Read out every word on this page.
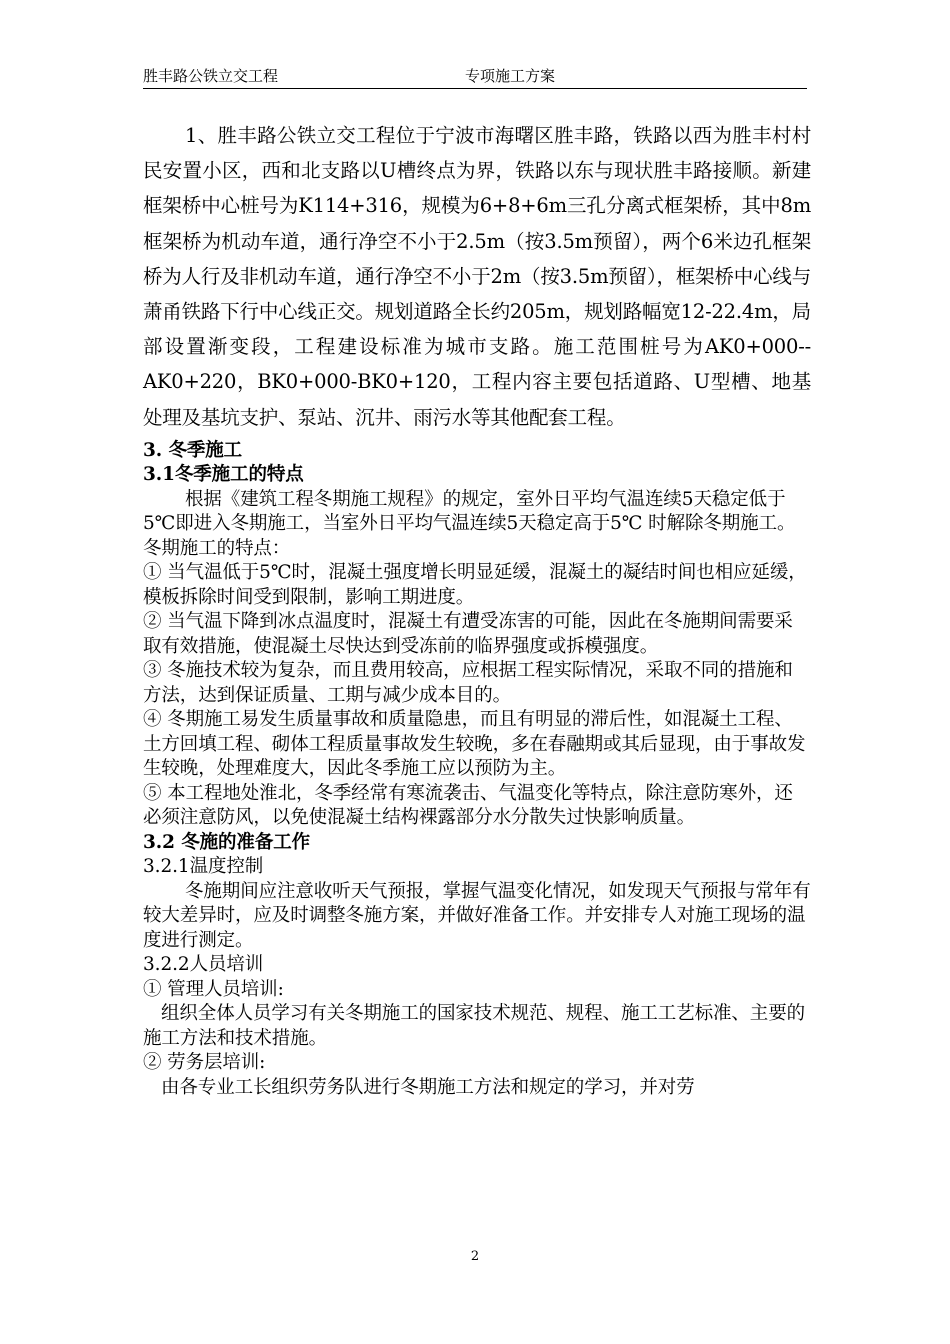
胜丰路公铁立交工程	专项施工方案

1、胜丰路公铁立交工程位于宁波市海曙区胜丰路，铁路以西为胜丰村村民安置小区，西和北支路以U槽终点为界，铁路以东与现状胜丰路接顺。新建框架桥中心桩号为K114+316，规模为6+8+6m三孔分离式框架桥，其中8m框架桥为机动车道，通行净空不小于2.5m（按3.5m预留），两个6米边孔框架桥为人行及非机动车道，通行净空不小于2m（按3.5m预留），框架桥中心线与萧甬铁路下行中心线正交。规划道路全长约205m，规划路幅宽12-22.4m，局部设置渐变段，工程建设标准为城市支路。施工范围桩号为AK0+000--AK0+220，BK0+000-BK0+120，工程内容主要包括道路、U型槽、地基处理及基坑支护、泵站、沉井、雨污水等其他配套工程。

3. 冬季施工

3.1冬季施工的特点

根据《建筑工程冬期施工规程》的规定，室外日平均气温连续5天稳定低于5℃即进入冬期施工，当室外日平均气温连续5天稳定高于5℃ 时解除冬期施工。冬期施工的特点：

① 当气温低于5℃时，混凝土强度增长明显延缓，混凝土的凝结时间也相应延缓，模板拆除时间受到限制，影响工期进度。

② 当气温下降到冰点温度时，混凝土有遭受冻害的可能，因此在冬施期间需要采取有效措施，使混凝土尽快达到受冻前的临界强度或拆模强度。

③ 冬施技术较为复杂，而且费用较高，应根据工程实际情况，采取不同的措施和方法，达到保证质量、工期与减少成本目的。

④ 冬期施工易发生质量事故和质量隐患，而且有明显的滞后性，如混凝土工程、土方回填工程、砌体工程质量事故发生较晚，多在春融期或其后显现，由于事故发生较晚，处理难度大，因此冬季施工应以预防为主。

⑤ 本工程地处淮北，冬季经常有寒流袭击、气温变化等特点，除注意防寒外，还必须注意防风，以免使混凝土结构裸露部分水分散失过快影响质量。

3.2 冬施的准备工作

3.2.1温度控制

冬施期间应注意收听天气预报，掌握气温变化情况，如发现天气预报与常年有较大差异时，应及时调整冬施方案，并做好准备工作。并安排专人对施工现场的温度进行测定。

3.2.2人员培训

① 管理人员培训:

组织全体人员学习有关冬期施工的国家技术规范、规程、施工工艺标准、主要的施工方法和技术措施。

② 劳务层培训:

由各专业工长组织劳务队进行冬期施工方法和规定的学习，并对劳

2
